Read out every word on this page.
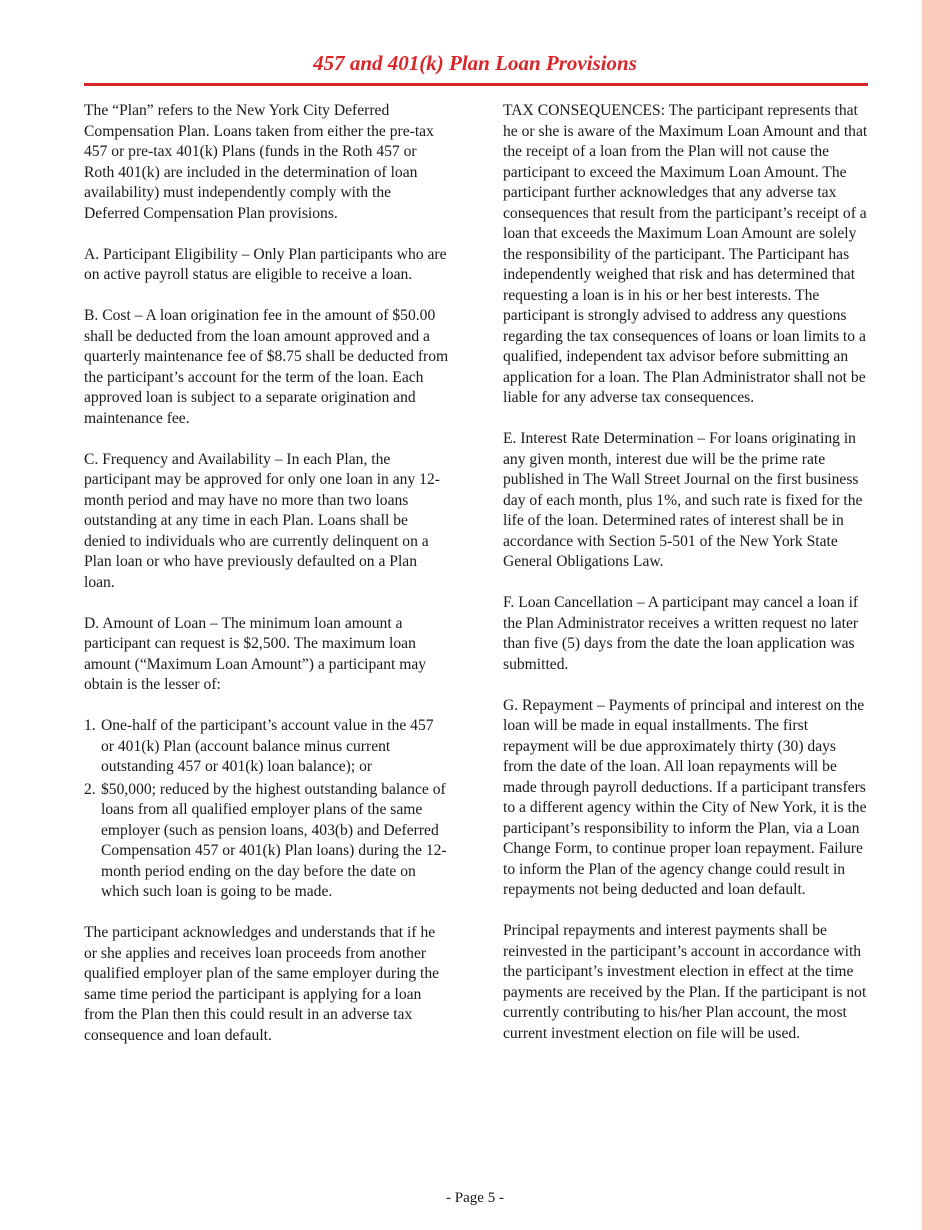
457 and 401(k) Plan Loan Provisions

The “Plan” refers to the New York City Deferred Compensation Plan. Loans taken from either the pre-tax 457 or pre-tax 401(k) Plans (funds in the Roth 457 or Roth 401(k) are included in the determination of loan availability) must independently comply with the Deferred Compensation Plan provisions.

A. Participant Eligibility – Only Plan participants who are on active payroll status are eligible to receive a loan.

B. Cost – A loan origination fee in the amount of $50.00 shall be deducted from the loan amount approved and a quarterly maintenance fee of $8.75 shall be deducted from the participant’s account for the term of the loan. Each approved loan is subject to a separate origination and maintenance fee.

C. Frequency and Availability – In each Plan, the participant may be approved for only one loan in any 12-month period and may have no more than two loans outstanding at any time in each Plan. Loans shall be denied to individuals who are currently delinquent on a Plan loan or who have previously defaulted on a Plan loan.

D. Amount of Loan – The minimum loan amount a participant can request is $2,500. The maximum loan amount (“Maximum Loan Amount”) a participant may obtain is the lesser of:

1. One-half of the participant’s account value in the 457 or 401(k) Plan (account balance minus current outstanding 457 or 401(k) loan balance); or
2. $50,000; reduced by the highest outstanding balance of loans from all qualified employer plans of the same employer (such as pension loans, 403(b) and Deferred Compensation 457 or 401(k) Plan loans) during the 12-month period ending on the day before the date on which such loan is going to be made.

The participant acknowledges and understands that if he or she applies and receives loan proceeds from another qualified employer plan of the same employer during the same time period the participant is applying for a loan from the Plan then this could result in an adverse tax consequence and loan default.

TAX CONSEQUENCES: The participant represents that he or she is aware of the Maximum Loan Amount and that the receipt of a loan from the Plan will not cause the participant to exceed the Maximum Loan Amount. The participant further acknowledges that any adverse tax consequences that result from the participant’s receipt of a loan that exceeds the Maximum Loan Amount are solely the responsibility of the participant. The Participant has independently weighed that risk and has determined that requesting a loan is in his or her best interests. The participant is strongly advised to address any questions regarding the tax consequences of loans or loan limits to a qualified, independent tax advisor before submitting an application for a loan. The Plan Administrator shall not be liable for any adverse tax consequences.

E. Interest Rate Determination – For loans originating in any given month, interest due will be the prime rate published in The Wall Street Journal on the first business day of each month, plus 1%, and such rate is fixed for the life of the loan. Determined rates of interest shall be in accordance with Section 5-501 of the New York State General Obligations Law.

F. Loan Cancellation – A participant may cancel a loan if the Plan Administrator receives a written request no later than five (5) days from the date the loan application was submitted.

G. Repayment – Payments of principal and interest on the loan will be made in equal installments. The first repayment will be due approximately thirty (30) days from the date of the loan. All loan repayments will be made through payroll deductions. If a participant transfers to a different agency within the City of New York, it is the participant’s responsibility to inform the Plan, via a Loan Change Form, to continue proper loan repayment. Failure to inform the Plan of the agency change could result in repayments not being deducted and loan default.

Principal repayments and interest payments shall be reinvested in the participant’s account in accordance with the participant’s investment election in effect at the time payments are received by the Plan. If the participant is not currently contributing to his/her Plan account, the most current investment election on file will be used.

- Page 5 -
